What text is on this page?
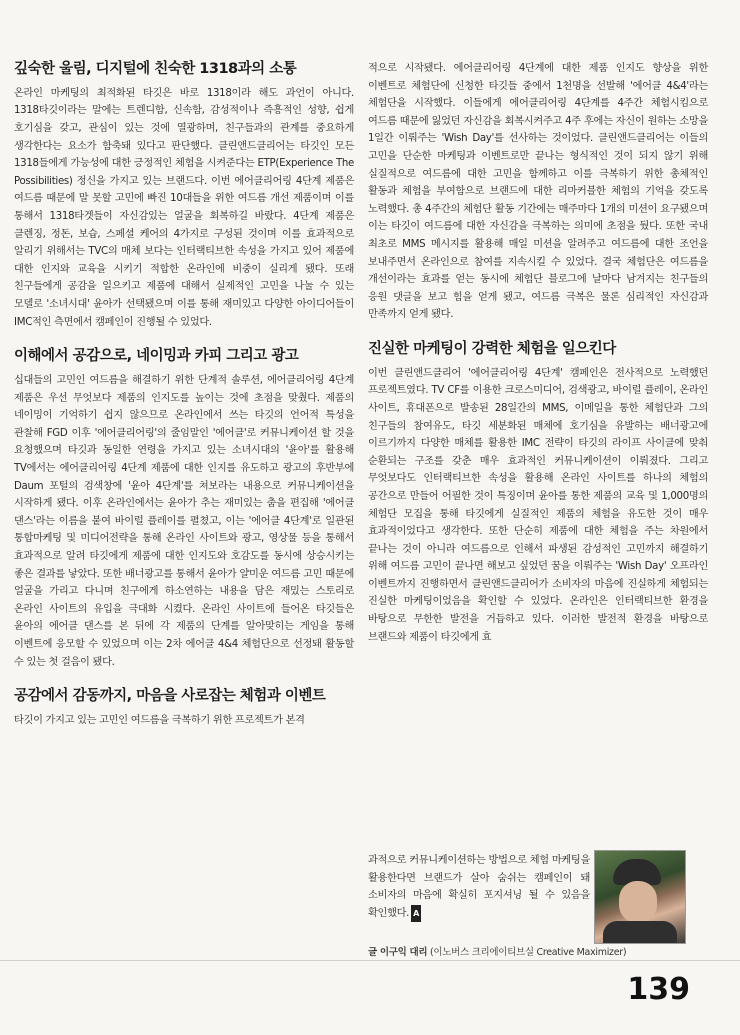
깊숙한 울림, 디지털에 친숙한 1318과의 소통

온라인 마케팅의 최적화된 타깃은 바로 1318이라 해도 과언이 아니다. 1318타깃이라는 말에는 트렌디함, 신속함, 감성적이나 즉흥적인 성향, 쉽게 호기심을 갖고, 관심이 있는 것에 열광하며, 친구들과의 관계를 중요하게 생각한다는 요소가 함축돼 있다고 판단했다. 클린앤드클리어는 타깃인 모든 1318들에게 가능성에 대한 긍정적인 체험을 시켜준다는 ETP(Experience The Possibilities) 정신을 가지고 있는 브랜드다. 이번 에어클리어링 4단계 제품은 여드름 때문에 말 못할 고민에 빠진 10대들을 위한 여드름 개선 제품이며 이를 통해서 1318타겟들이 자신감있는 얼굴을 회복하길 바랐다. 4단계 제품은 클렌징, 정돈, 보습, 스페셜 케어의 4가지로 구성된 것이며 이를 효과적으로 알리기 위해서는 TVC의 매체 보다는 인터랙티브한 속성을 가지고 있어 제품에 대한 인지와 교육을 시키기 적합한 온라인에 비중이 실리게 됐다. 또래 친구들에게 공감을 일으키고 제품에 대해서 실제적인 고민을 나눌 수 있는 모델로 '소녀시대' 윤아가 선택됐으며 이를 통해 재미있고 다양한 아이디어들이 IMC적인 측면에서 캠페인이 진행될 수 있었다.

이해에서 공감으로, 네이밍과 카피 그리고 광고

십대들의 고민인 여드름을 해결하기 위한 단계적 솔루션, 에어클리어링 4단계 제품은 우선 무엇보다 제품의 인지도를 높이는 것에 초점을 맞췄다. 제품의 네이밍이 기억하기 쉽지 않으므로 온라인에서 쓰는 타깃의 언어적 특성을 관찰해 FGD 이후 '에어클리어링'의 줄임말인 '에어클'로 커뮤니케이션 할 것을 요청했으며 타깃과 동일한 연령을 가지고 있는 소녀시대의 '윤아'를 활용해 TV에서는 에어클리어링 4단계 제품에 대한 인지를 유도하고 광고의 후반부에 Daum 포털의 검색창에 '윤아 4단계'를 쳐보라는 내용으로 커뮤니케이션을 시작하게 됐다. 이후 온라인에서는 윤아가 추는 재미있는 춤을 편집해 '에어클 댄스'라는 이름을 붙여 바이럴 플레이를 펼쳤고, 이는 '에어클 4단계'로 일관된 통합마케팅 및 미디어전략을 통해 온라인 사이트와 광고, 영상물 등을 통해서 효과적으로 알려 타깃에게 제품에 대한 인지도와 호감도를 동시에 상승시키는 좋은 결과를 낳았다. 또한 배너광고를 통해서 윤아가 얄미운 여드름 고민 때문에 얼굴을 가리고 다니며 친구에게 하소연하는 내용을 담은 재밌는 스토리로 온라인 사이트의 유입을 극대화 시켰다. 온라인 사이트에 들어온 타깃들은 윤아의 에어클 댄스를 본 뒤에 각 제품의 단계를 알아맞히는 게임을 통해 이벤트에 응모할 수 있었으며 이는 2차 에어클 4&4 체험단으로 선정돼 활동할 수 있는 첫 걸음이 됐다.

공감에서 감동까지, 마음을 사로잡는 체험과 이벤트

타깃이 가지고 있는 고민인 여드름을 극복하기 위한 프로젝트가 본격

적으로 시작됐다. 에어클리어링 4단계에 대한 제품 인지도 향상을 위한 이벤트로 체험단에 신청한 타깃들 중에서 1천명을 선발해 '에어클 4&4'라는 체험단을 시작했다. 이들에게 에어클리어링 4단계를 4주간 체험시킴으로 여드름 때문에 잃었던 자신감을 회복시켜주고 4주 후에는 자신이 원하는 소망을 1일간 이뤄주는 'Wish Day'를 선사하는 것이었다. 클린앤드클리어는 이들의 고민을 단순한 마케팅과 이벤트로만 끝나는 형식적인 것이 되지 않기 위해 실질적으로 여드름에 대한 고민을 함께하고 이를 극복하기 위한 총체적인 활동과 체험을 부여함으로 브랜드에 대한 리마커블한 체험의 기억을 갖도록 노력했다. 총 4주간의 체험단 활동 기간에는 매주마다 1개의 미션이 요구됐으며 이는 타깃이 여드름에 대한 자신감을 극복하는 의미에 초점을 뒀다. 또한 국내 최초로 MMS 메시지를 활용해 매일 미션을 알려주고 여드름에 대한 조언을 보내주면서 온라인으로 참여를 지속시킬 수 있었다. 결국 체험단은 여드름을 개선이라는 효과를 얻는 동시에 체험단 블로그에 날마다 남겨지는 친구들의 응원 댓글을 보고 힘을 얻게 됐고, 여드름 극복은 물론 심리적인 자신감과 만족까지 얻게 됐다.

진실한 마케팅이 강력한 체험을 일으킨다

이번 클린앤드클리어 '에어클리어링 4단계' 캠페인은 전사적으로 노력했던 프로젝트였다. TV CF를 이용한 크로스미디어, 검색광고, 바이럴 플레이, 온라인 사이트, 휴대폰으로 발송된 28일간의 MMS, 이메일을 통한 체험단과 그의 친구들의 참여유도, 타깃 세분화된 매체에 호기심을 유발하는 배너광고에 이르기까지 다양한 매체를 활용한 IMC 전략이 타깃의 라이프 사이클에 맞춰 순환되는 구조를 갖춘 매우 효과적인 커뮤니케이션이 이뤄졌다. 그리고 무엇보다도 인터랙티브한 속성을 활용해 온라인 사이트를 하나의 체험의 공간으로 만들어 어필한 것이 특징이며 윤아를 통한 제품의 교육 및 1,000명의 체험단 모집을 통해 타깃에게 실질적인 제품의 체험을 유도한 것이 매우 효과적이었다고 생각한다. 또한 단순히 제품에 대한 체험을 주는 차원에서 끝나는 것이 아니라 여드름으로 인해서 파생된 감성적인 고민까지 해결하기 위해 여드름 고민이 끝나면 해보고 싶었던 꿈을 이뤄주는 'Wish Day' 오프라인 이벤트까지 진행하면서 클린앤드클리어가 소비자의 마음에 진실하게 체험되는 진실한 마케팅이었음을 확인할 수 있었다. 온라인은 인터랙티브한 환경을 바탕으로 무한한 발전을 거듭하고 있다. 이러한 발전적 환경을 바탕으로 브랜드와 제품이 타깃에게 효

과적으로 커뮤니케이션하는 방법으로 체험 마케팅을 활용한다면 브랜드가 살아 숨쉬는 캠페인이 돼 소비자의 마음에 확실히 포지셔닝 될 수 있음을 확인했다. A

글 이구익 대리 (이노버스 크리에이티브실 Creative Maximizer)
139
